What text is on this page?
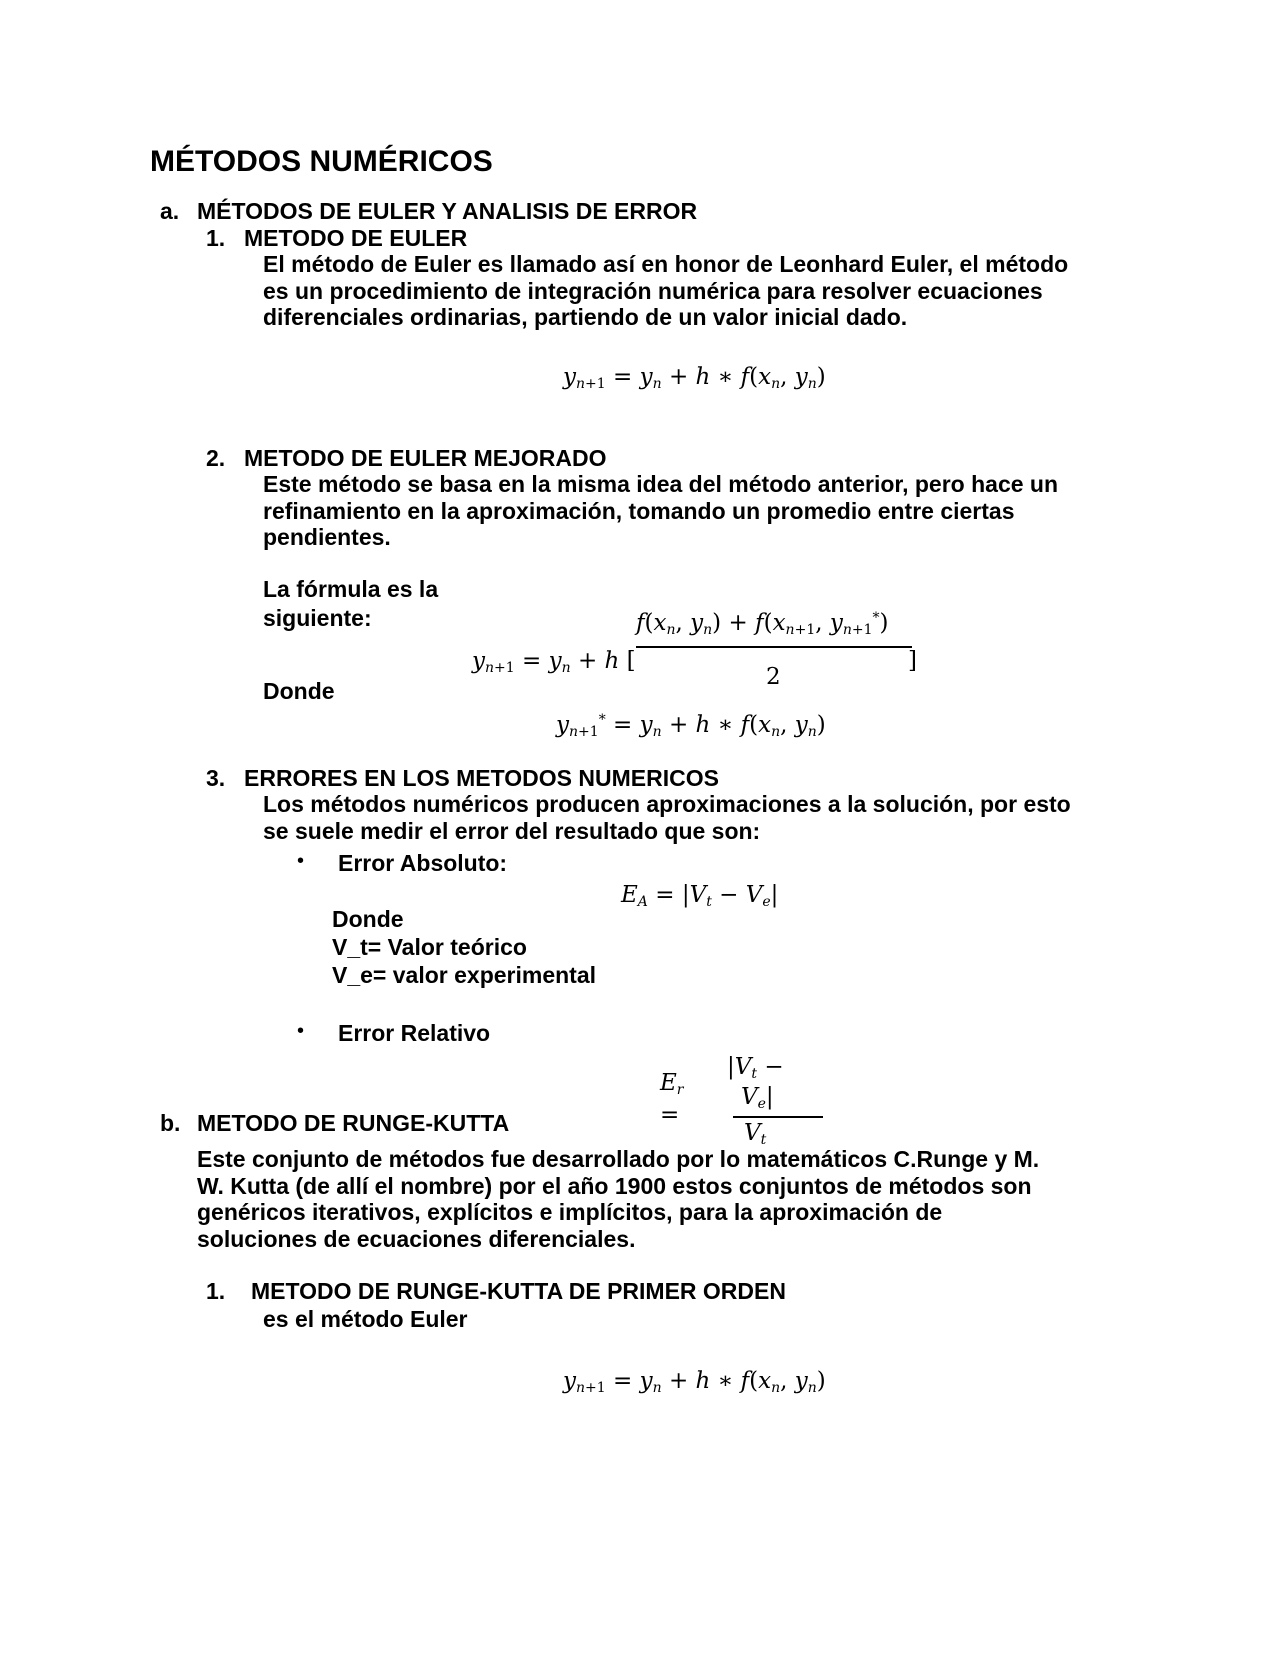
MÉTODOS NUMÉRICOS
a. MÉTODOS DE EULER Y ANALISIS DE ERROR
1. METODO DE EULER

El método de Euler es llamado así en honor de Leonhard Euler, el método

es un procedimiento de integración numérica para resolver ecuaciones

diferenciales ordinarias, partiendo de un valor inicial dado.

$y_{n+1} = y_n + h$ ∗ $f(x_n$, $y_n$)
2. METODO DE EULER MEJORADO

Este método se basa en la misma idea del método anterior, pero hace un

refinamiento en la aproximación, tomando un promedio entre ciertas

pendientes.

La fórmula es la
siguiente:
Donde
$y_{n+1} = y_n + h$ [
$f(x_n$, $y_n) + f(x_{n+1}$, $y_{n+1}^*$)
2
]
$y_{n+1}^* = y_n + h$ ∗ $f(x_n$, $y_n$)
3. ERRORES EN LOS METODOS NUMERICOS

Los métodos numéricos producen aproximaciones a la solución, por esto

se suele medir el error del resultado que son:

• Error Absoluto:
$E_A = |V_t - V_e|$
Donde
V_t= Valor teórico
V_e= valor experimental
• Error Relativo
$E_r$
=
$|V_t$ −
$V_e|$
$V_t$
b. METODO DE RUNGE-KUTTA

Este conjunto de métodos fue desarrollado por lo matemáticos C.Runge y M.

W. Kutta (de allí el nombre) por el año 1900 estos conjuntos de métodos son

genéricos iterativos, explícitos e implícitos, para la aproximación de

soluciones de ecuaciones diferenciales.

1. METODO DE RUNGE-KUTTA DE PRIMER ORDEN
es el método Euler
$y_{n+1} = y_n + h$ ∗ $f(x_n$, $y_n$)
